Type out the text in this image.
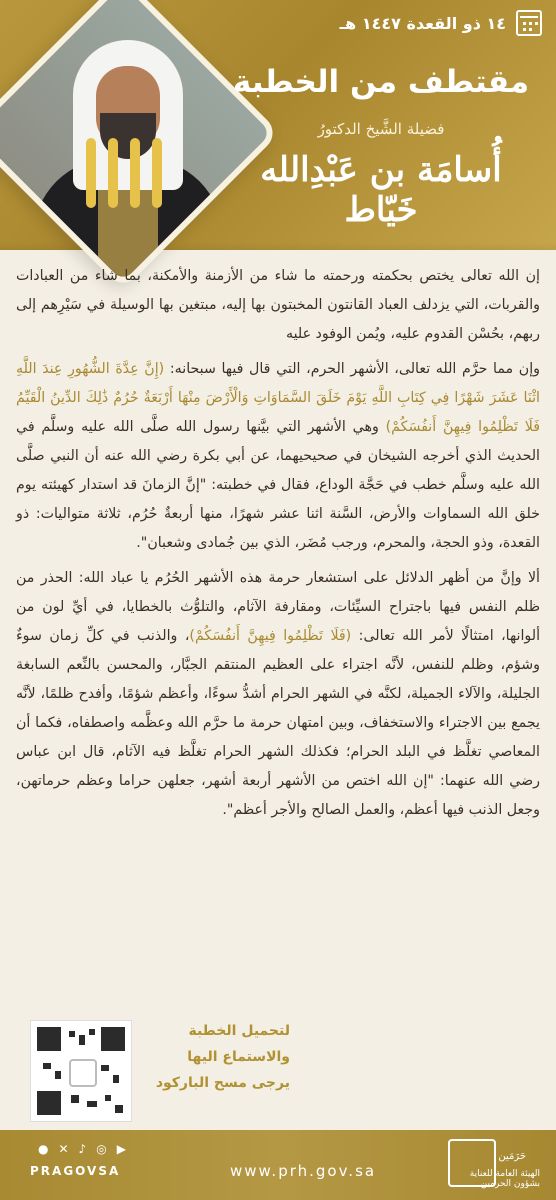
١٤ ذو القعدة ١٤٤٧ هـ
مقتطف من الخطبة
فضيلة الشَّيخ الدكتورُ
أُسامَة بن عَبْدِالله خَيّاط

إن الله تعالى يختص بحكمته ورحمته ما شاء من الأزمنة والأمكنة، بما شاء من العبادات والقربات، التي يزدلف العباد القانتون المخبتون بها إليه، مبتغين بها الوسيلة في سَيْرِهم إلى ربهم، بحُسْن القدوم عليه، ويُمن الوفود عليه

وإن مما حرَّم الله تعالى، الأشهر الحرم، التي قال فيها سبحانه: (إِنَّ عِدَّةَ الشُّهُورِ عِندَ اللَّهِ اثْنَا عَشَرَ شَهْرًا فِي كِتَابِ اللَّهِ يَوْمَ خَلَقَ السَّمَاوَاتِ وَالْأَرْضَ مِنْهَا أَرْبَعَةٌ حُرُمٌ ذَٰلِكَ الدِّينُ الْقَيِّمُ فَلَا تَظْلِمُوا فِيهِنَّ أَنفُسَكُمْ) وهي الأشهر التي بيَّنها رسول الله صلَّى الله عليه وسلَّم في الحديث الذي أخرجه الشيخان في صحيحيهما، عن أبي بكرة رضي الله عنه أن النبي صلَّى الله عليه وسلَّم خطب في حَجَّة الوداع، فقال في خطبته: "إنَّ الزمانَ قد استدار كهيئته يوم خلق الله السماوات والأرض، السَّنة اثنا عشر شهرًا، منها أربعةٌ حُرُم، ثلاثة متواليات: ذو القعدة، وذو الحجة، والمحرم، ورجب مُضَر، الذي بين جُمادى وشعبان".

ألا وإنَّ من أظهر الدلائل على استشعار حرمة هذه الأشهر الحُرُم يا عباد الله: الحذر من ظلم النفس فيها باجتراح السيِّئات، ومقارفة الآثام، والتلوُّث بالخطايا، في أيِّ لون من ألوانها، امتثالًا لأمر الله تعالى: (فَلَا تَظْلِمُوا فِيهِنَّ أَنفُسَكُمْ)، والذنب في كلِّ زمان سوءٌ وشؤم، وظلم للنفس، لأنَّه اجتراء على العظيم المنتقم الجبَّار، والمحسن بالنِّعم السابغة الجليلة، والآلاء الجميلة، لكنَّه في الشهر الحرام أشدُّ سوءًا، وأعظم شؤمًا، وأفدح ظلمًا، لأنَّه يجمع بين الاجتراء والاستخفاف، وبين امتهان حرمة ما حرَّم الله وعظَّمه واصطفاه، فكما أن المعاصي تغلَّظ في البلد الحرام؛ فكذلك الشهر الحرام تغلَّظ فيه الآثام، قال ابن عباس رضي الله عنهما: "إن الله اختص من الأشهر أربعة أشهر، جعلهن حراما وعظم حرماتهن، وجعل الذنب فيها أعظم، والعمل الصالح والأجر أعظم".

لتحميل الخطبة
والاستماع اليها
يرجى مسح الباركود
● ✕ ♪ ◎ ▶
PRAGOVSA	www.prh.gov.sa
حَرَمَين
الهيئة العامة للعناية بشؤون الحرمين
